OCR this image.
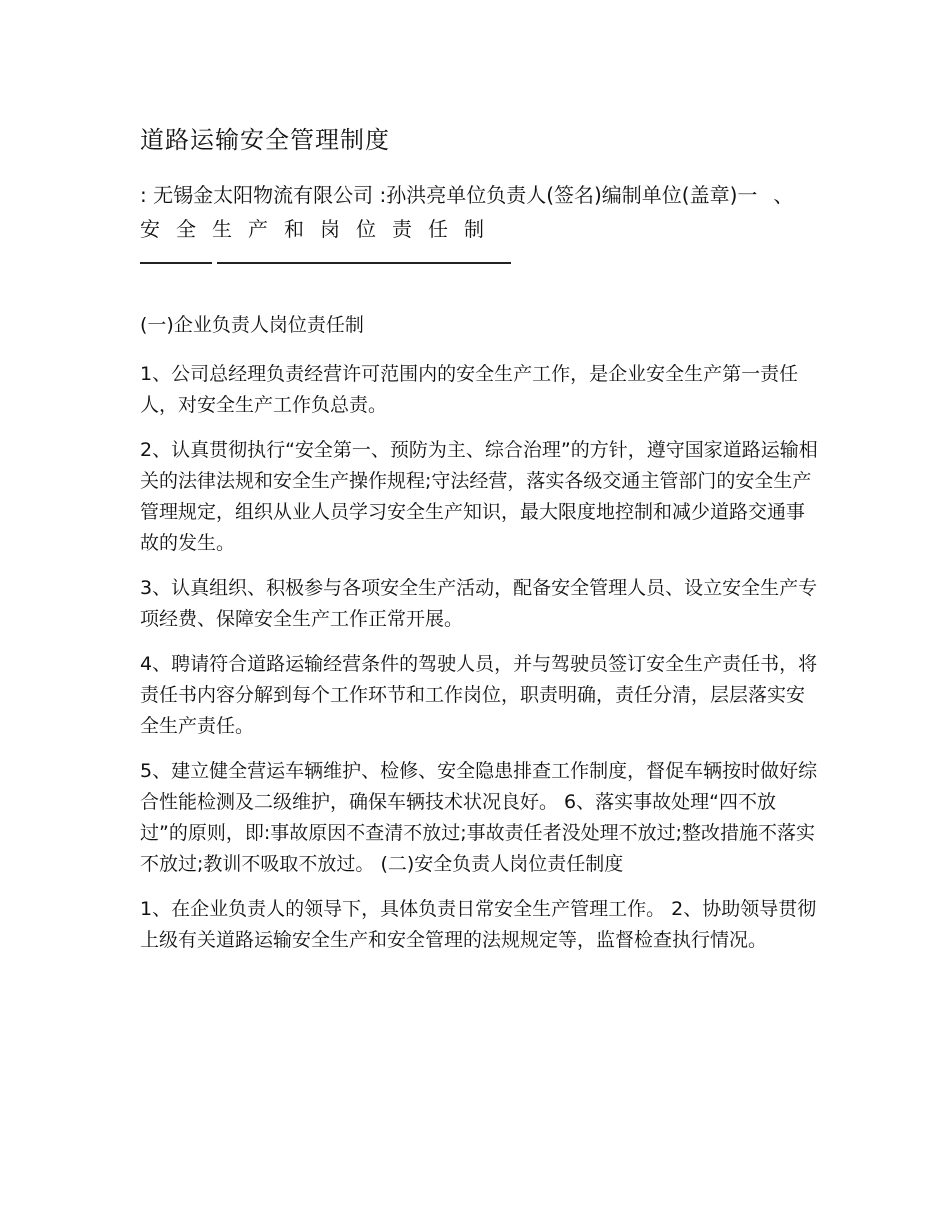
道路运输安全管理制度
: 无锡金太阳物流有限公司 :孙洪亮单位负责人(签名)编制单位(盖章)一、安全生产和岗位责任制

(一)企业负责人岗位责任制

1、公司总经理负责经营许可范围内的安全生产工作，是企业安全生产第一责任人，对安全生产工作负总责。

2、认真贯彻执行“安全第一、预防为主、综合治理”的方针，遵守国家道路运输相关的法律法规和安全生产操作规程;守法经营，落实各级交通主管部门的安全生产管理规定，组织从业人员学习安全生产知识，最大限度地控制和减少道路交通事故的发生。

3、认真组织、积极参与各项安全生产活动，配备安全管理人员、设立安全生产专项经费、保障安全生产工作正常开展。

4、聘请符合道路运输经营条件的驾驶人员，并与驾驶员签订安全生产责任书，将责任书内容分解到每个工作环节和工作岗位，职责明确，责任分清，层层落实安全生产责任。

5、建立健全营运车辆维护、检修、安全隐患排查工作制度，督促车辆按时做好综合性能检测及二级维护，确保车辆技术状况良好。 6、落实事故处理“四不放过”的原则，即:事故原因不查清不放过;事故责任者没处理不放过;整改措施不落实不放过;教训不吸取不放过。 (二)安全负责人岗位责任制度

1、在企业负责人的领导下，具体负责日常安全生产管理工作。 2、协助领导贯彻上级有关道路运输安全生产和安全管理的法规规定等，监督检查执行情况。
